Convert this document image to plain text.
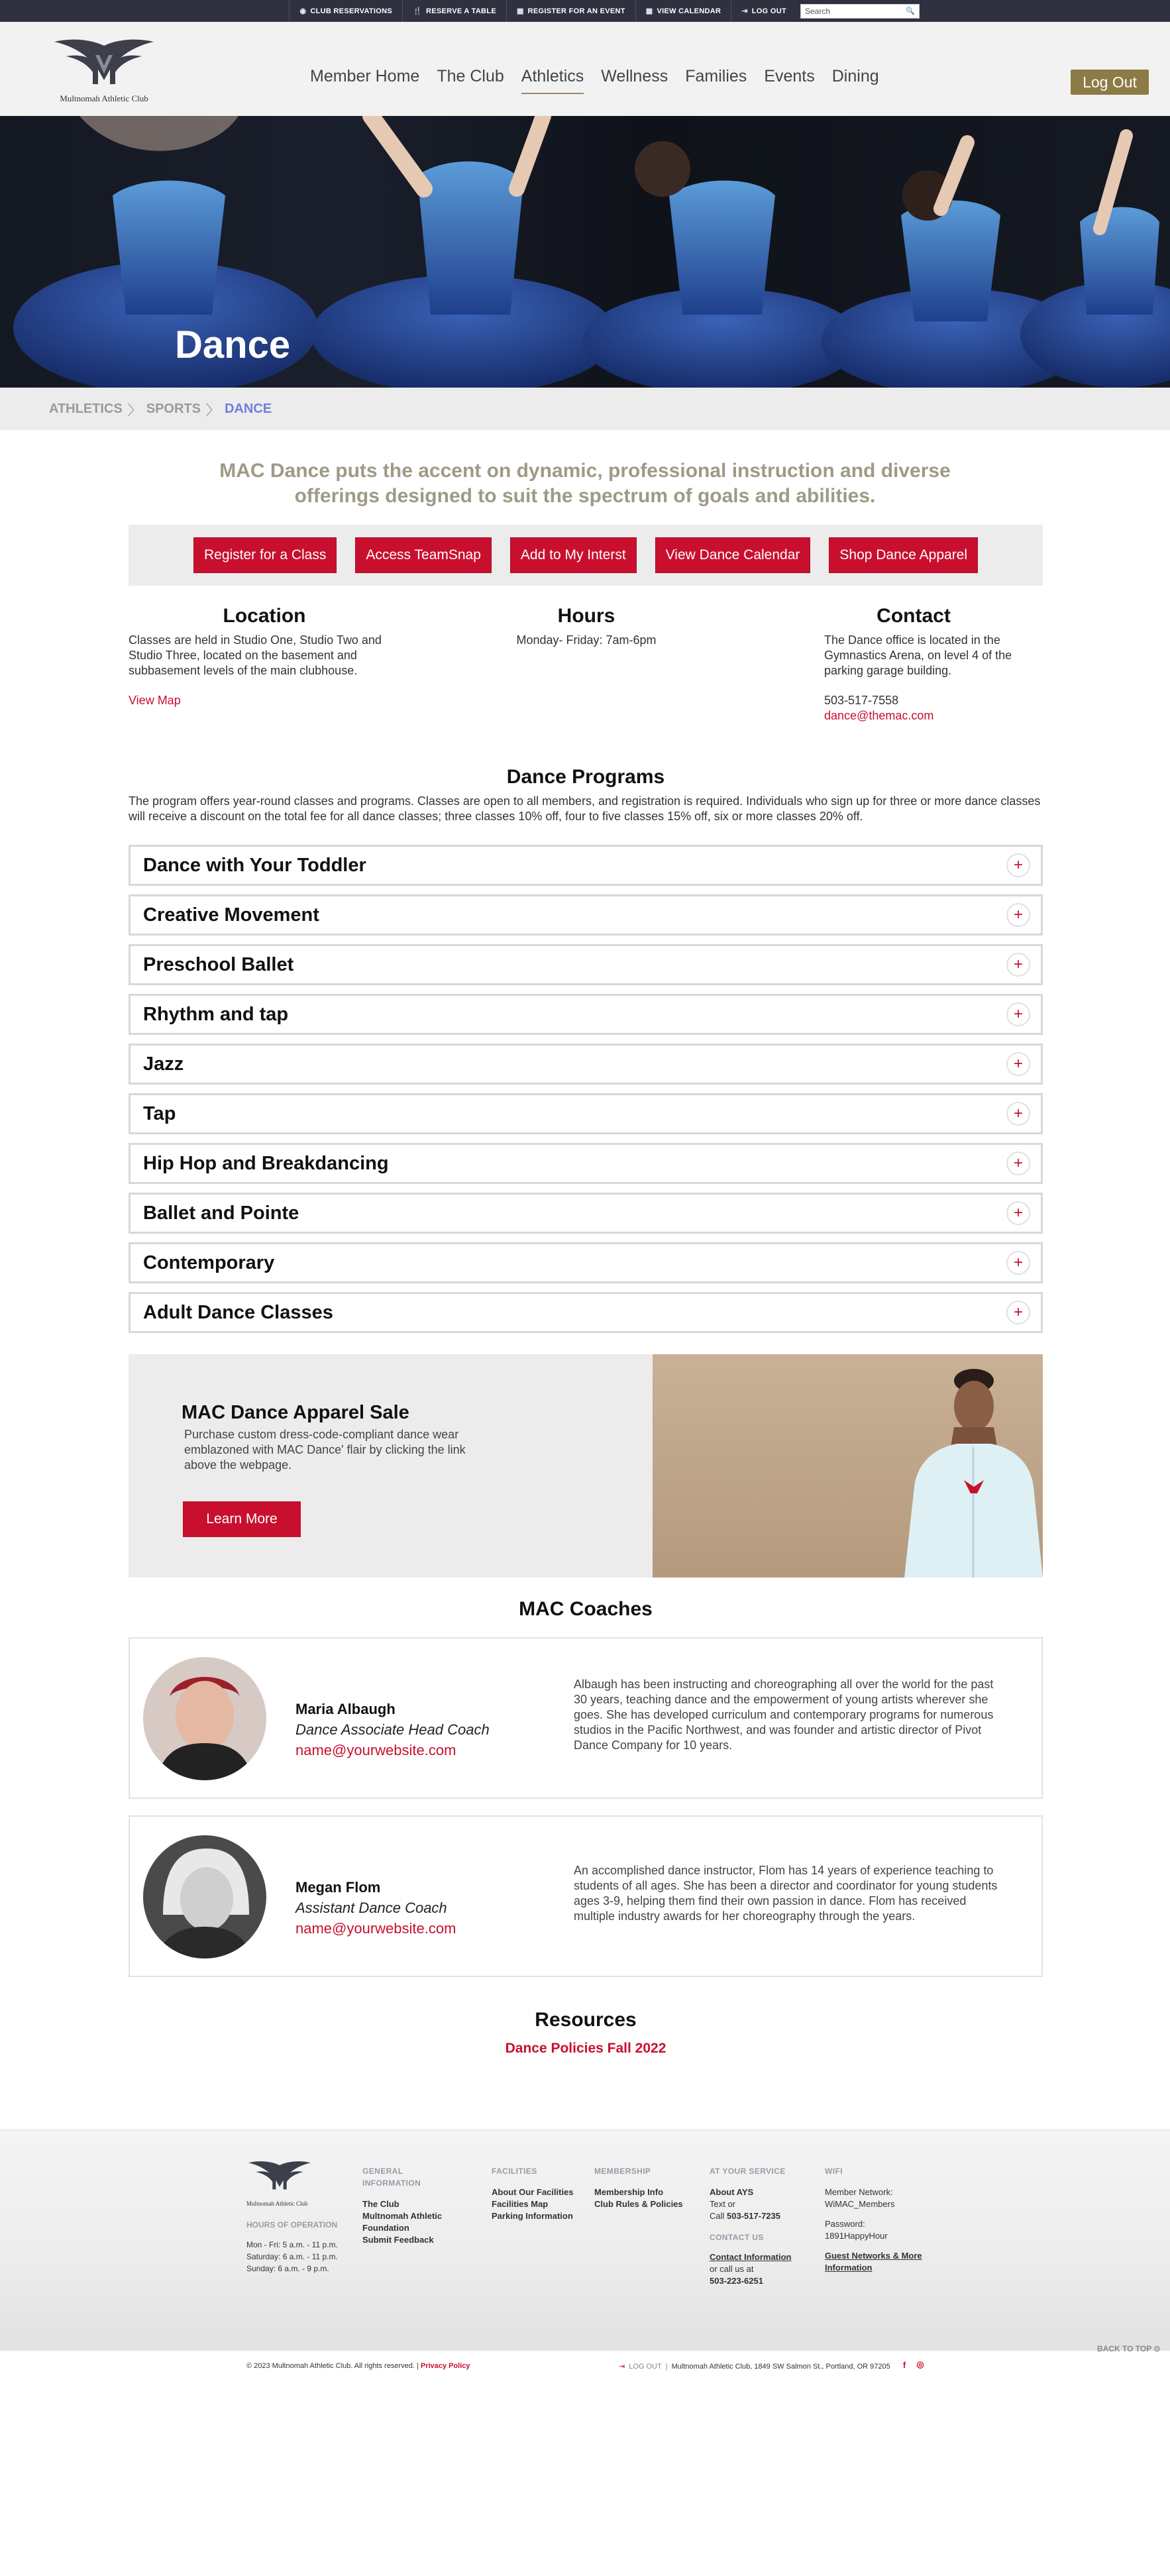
◉ CLUB RESERVATIONS	🍴 RESERVE A TABLE	▦ REGISTER FOR AN EVENT	▦ VIEW CALENDAR	⇥ LOG OUT Search	🔍
Multnomah Athletic Club
Member Home The Club Athletics Wellness Families Events Dining	Log Out
Dance
ATHLETICS 〉 SPORTS 〉 DANCE
MAC Dance puts the accent on dynamic, professional instruction and diverse offerings designed to suit the spectrum of goals and abilities.
Register for a Class	Access TeamSnap	Add to My Interst	View Dance Calendar	Shop Dance Apparel
Location

Classes are held in Studio One, Studio Two and Studio Three, located on the basement and subbasement levels of the main clubhouse.

View Map

Hours

Monday- Friday: 7am-6pm

Contact

The Dance office is located in the Gymnastics Arena, on level 4 of the parking garage building.

503-517-7558

dance@themac.com

Dance Programs
The program offers year-round classes and programs. Classes are open to all members, and registration is required. Individuals who sign up for three or more dance classes will receive a discount on the total fee for all dance classes; three classes 10% off, four to five classes 15% off, six or more classes 20% off.
Dance with Your Toddler	+
Creative Movement	+
Preschool Ballet	+
Rhythm and tap	+
Jazz	+
Tap	+
Hip Hop and Breakdancing	+
Ballet and Pointe	+
Contemporary	+
Adult Dance Classes	+
MAC Dance Apparel Sale

Purchase custom dress-code-compliant dance wear emblazoned with MAC Dance' flair by clicking the link above the webpage.

Learn More
MAC Coaches
Maria Albaugh
Dance Associate Head Coach
name@yourwebsite.com
Albaugh has been instructing and choreographing all over the world for the past 30 years, teaching dance and the empowerment of young artists wherever she goes. She has developed curriculum and contemporary programs for numerous studios in the Pacific Northwest, and was founder and artistic director of Pivot Dance Company for 10 years.
Megan Flom
Assistant Dance Coach
name@yourwebsite.com
An accomplished dance instructor, Flom has 14 years of experience teaching to students of all ages. She has been a director and coordinator for young students ages 3-9, helping them find their own passion in dance. Flom has received multiple industry awards for her choreography through the years.
Resources
Dance Policies Fall 2022
Multnomah Athletic Club
HOURS OF OPERATION
Mon - Fri: 5 a.m. - 11 p.m.
Saturday: 6 a.m. - 11 p.m.
Sunday: 6 a.m. - 9 p.m.
GENERAL INFORMATION
The Club
Multnomah Athletic Foundation
Submit Feedback
FACILITIES
About Our Facilities
Facilities Map
Parking Information
MEMBERSHIP
Membership Info
Club Rules & Policies
AT YOUR SERVICE
About AYS
Text or
Call 503-517-7235
CONTACT US
Contact Information
or call us at
503-223-6251
WIFI
Member Network:
WiMAC_Members
Password:
1891HappyHour
Guest Networks & More Information
BACK TO TOP ⊙
© 2023 Multnomah Athletic Club. All rights reserved. | Privacy Policy	⇥ LOG OUT | Multnomah Athletic Club, 1849 SW Salmon St., Portland, OR 97205	f	◎
